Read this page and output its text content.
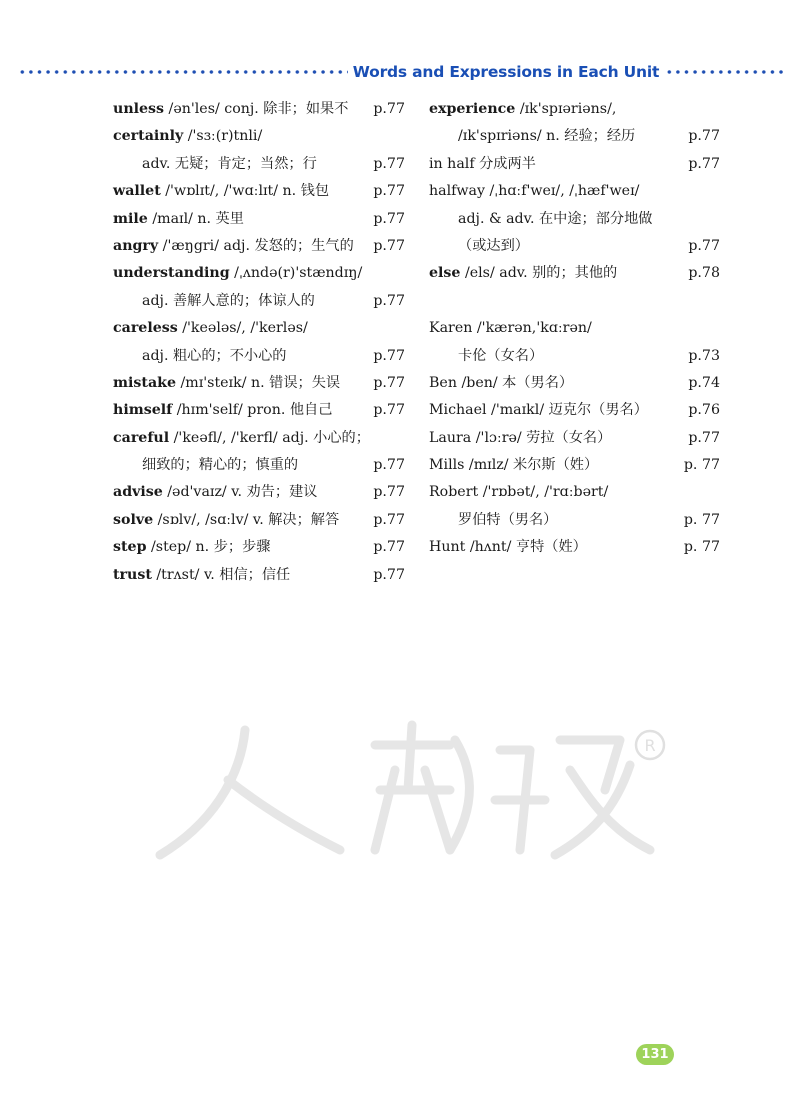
Words and Expressions in Each Unit
unless /ən'les/ conj. 除非；如果不 p.77
certainly /'sɜː(r)tnli/
adv. 无疑；肯定；当然；行	p.77
wallet /'wɒlɪt/, /'wɑːlɪt/ n. 钱包	p.77
mile /maɪl/ n. 英里	p.77
angry /'æŋgri/ adj. 发怒的；生气的 p.77
understanding /ˌʌndə(r)'stændɪŋ/
adj. 善解人意的；体谅人的	p.77
careless /'keələs/, /'kerləs/
adj. 粗心的；不小心的	p.77
mistake /mɪ'steɪk/ n. 错误；失误 p.77
himself /hɪm'self/ pron. 他自己	p.77
careful /'keəfl/, /'kerfl/ adj. 小心的；
细致的；精心的；慎重的	p.77
advise /əd'vaɪz/ v. 劝告；建议	p.77
solve /sɒlv/, /sɑːlv/ v. 解决；解答 p.77
step /step/ n. 步；步骤	p.77
trust /trʌst/ v. 相信；信任	p.77
experience /ɪk'spɪəriəns/,
/ɪk'spɪriəns/ n. 经验；经历	p.77
in half 分成两半	p.77
halfway /ˌhɑːf'weɪ/, /ˌhæf'weɪ/
adj. & adv. 在中途；部分地做
（或达到）	p.77
else /els/ adv. 别的；其他的	p.78
Karen /'kærən,'kɑːrən/
卡伦（女名）	p.73
Ben /ben/ 本（男名）	p.74
Michael /'maɪkl/ 迈克尔（男名）	p.76
Laura /'lɔːrə/ 劳拉（女名）	p.77
Mills /mɪlz/ 米尔斯（姓）	p. 77
Robert /'rɒbət/, /'rɑːbərt/
罗伯特（男名）	p. 77
Hunt /hʌnt/ 亨特（姓）	p. 77
R
131
